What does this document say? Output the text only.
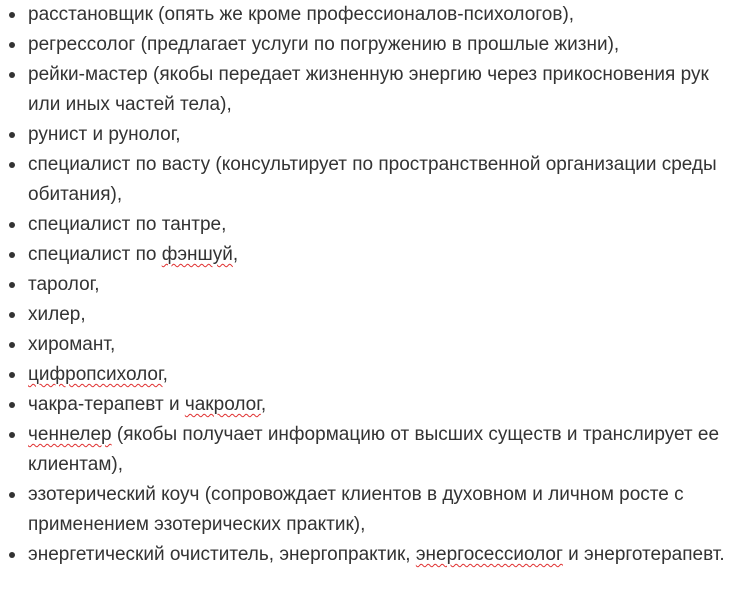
расстановщик (опять же кроме профессионалов-психологов),
регрессолог (предлагает услуги по погружению в прошлые жизни),
рейки-мастер (якобы передает жизненную энергию через прикосновения рук или иных частей тела),
рунист и рунолог,
специалист по васту (консультирует по пространственной организации среды обитания),
специалист по тантре,
специалист по фэншуй,
таролог,
хилер,
хиромант,
цифропсихолог,
чакра-терапевт и чакролог,
ченнелер (якобы получает информацию от высших существ и транслирует ее клиентам),
эзотерический коуч (сопровождает клиентов в духовном и личном росте с применением эзотерических практик),
энергетический очиститель, энергопрактик, энергосессиолог и энерготерапевт.
